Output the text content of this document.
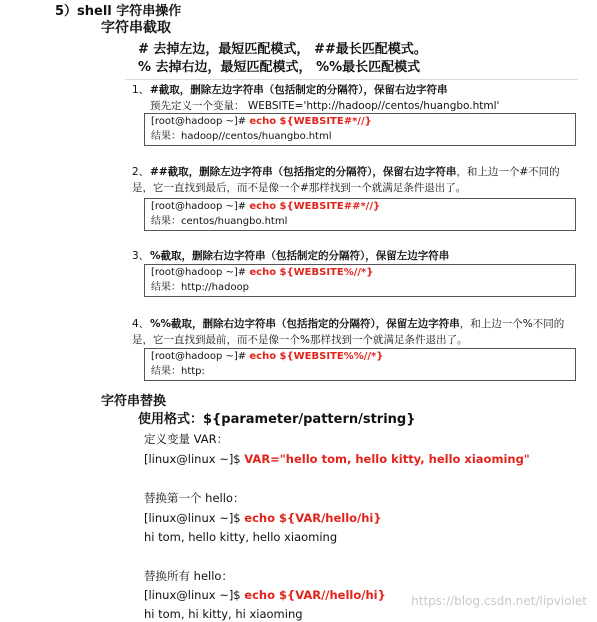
5）shell 字符串操作
字符串截取
# 去掉左边，最短匹配模式， ##最长匹配模式。
% 去掉右边，最短匹配模式， %%最长匹配模式
1、#截取，删除左边字符串（包括制定的分隔符），保留右边字符串
预先定义一个变量： WEBSITE='http://hadoop//centos/huangbo.html'
[root@hadoop ~]# echo ${WEBSITE#*//}
结果：hadoop//centos/huangbo.html
2、##截取，删除左边字符串（包括指定的分隔符），保留右边字符串，和上边一个#不同的是，它一直找到最后，而不是像一个#那样找到一个就满足条件退出了。
[root@hadoop ~]# echo ${WEBSITE##*//}
结果：centos/huangbo.html
3、%截取，删除右边字符串（包括制定的分隔符），保留左边字符串
[root@hadoop ~]# echo ${WEBSITE%//*}
结果：http://hadoop
4、%%截取，删除右边字符串（包括指定的分隔符），保留左边字符串，和上边一个%不同的是，它一直找到最前，而不是像一个%那样找到一个就满足条件退出了。
[root@hadoop ~]# echo ${WEBSITE%%//*}
结果：http:
字符串替换
使用格式：${parameter/pattern/string}
定义变量 VAR：
[linux@linux ~]$ VAR="hello tom, hello kitty, hello xiaoming"
替换第一个 hello：
[linux@linux ~]$ echo ${VAR/hello/hi}
hi tom, hello kitty, hello xiaoming
替换所有 hello：
[linux@linux ~]$ echo ${VAR//hello/hi}
hi tom, hi kitty, hi xiaoming
https://blog.csdn.net/lipviolet
